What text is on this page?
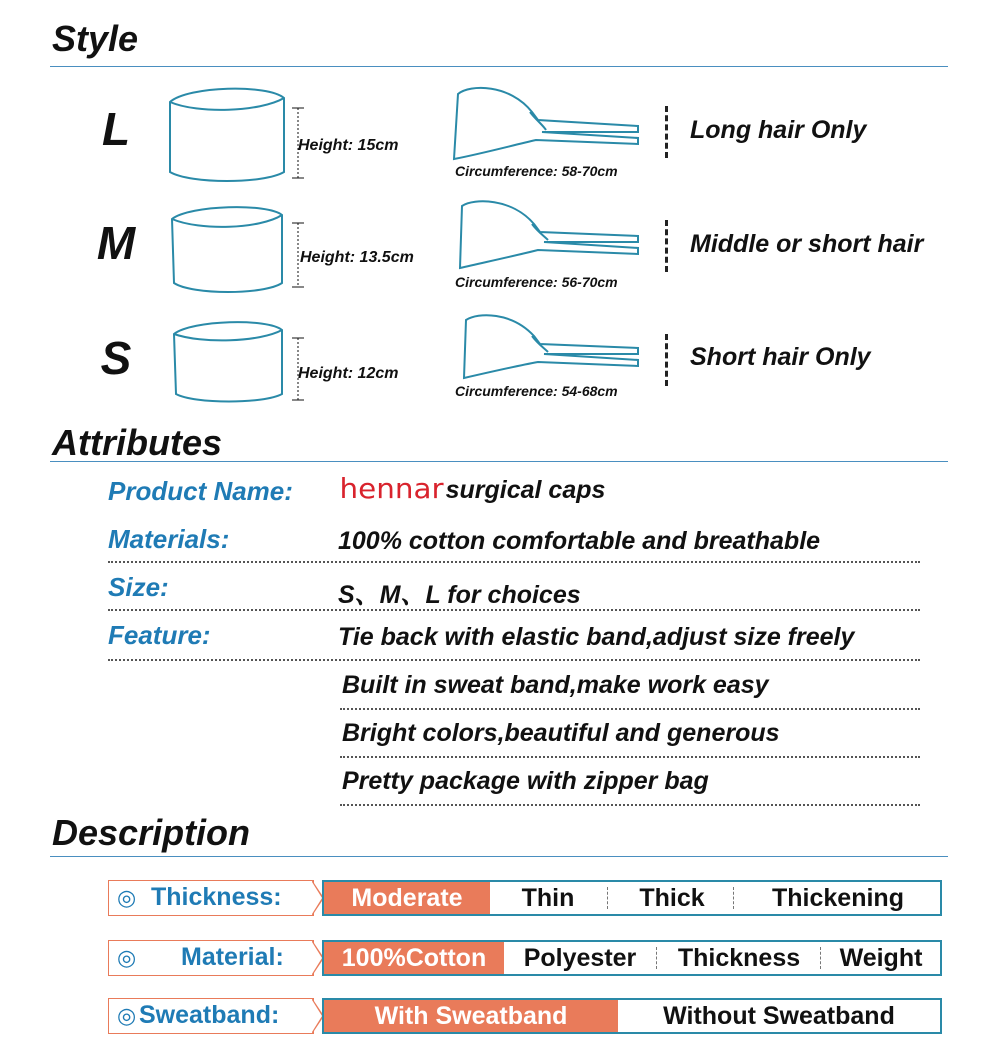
Style
L	Height: 15cm
Circumference: 58-70cm
Long hair Only
M	Height: 13.5cm
Circumference: 56-70cm
Middle or short hair
S	Height: 12cm
Circumference: 54-68cm
Short hair Only
Attributes
Product Name: hennar surgical caps
Materials:	100% cotton comfortable and breathable
Size:	S、M、L for choices
Feature:	Tie back with elastic band,adjust size freely
Built in sweat band,make work easy
Bright colors,beautiful and generous
Pretty package with zipper bag
Description
◎ Thickness:	Moderate	Thin	Thick	Thickening
◎ Material:	100%Cotton	Polyester	Thickness	Weight
◎ Sweatband:	With Sweatband	Without Sweatband
